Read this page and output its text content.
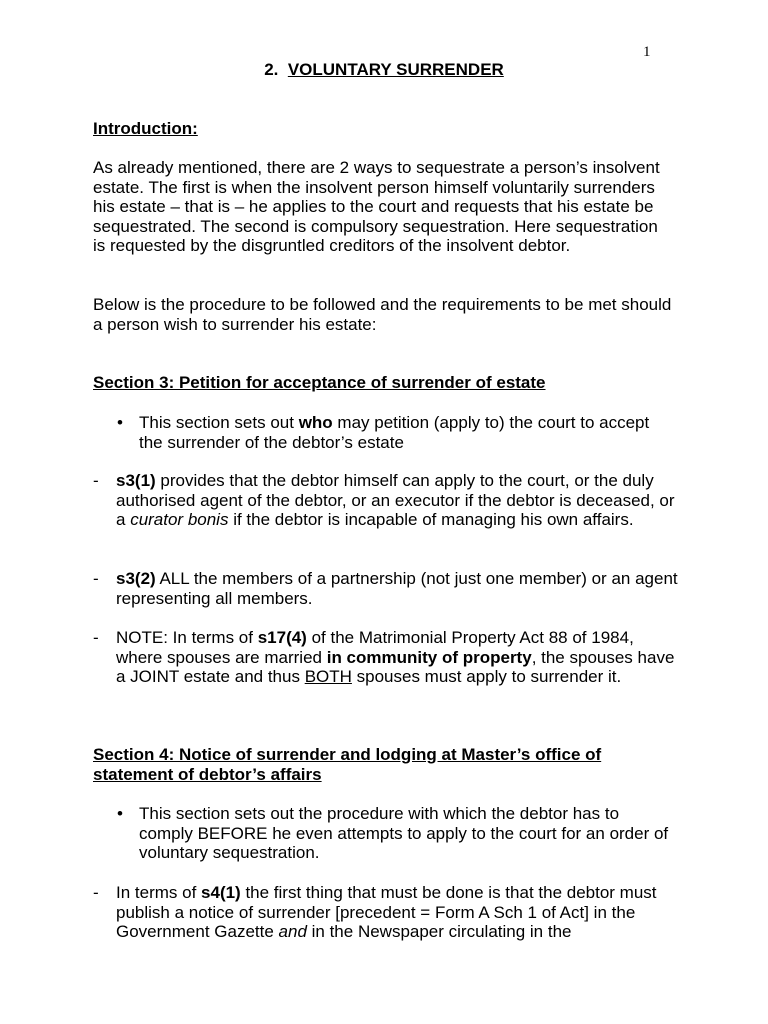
1
2. VOLUNTARY SURRENDER
Introduction:

As already mentioned, there are 2 ways to sequestrate a person’s insolvent estate. The first is when the insolvent person himself voluntarily surrenders his estate – that is – he applies to the court and requests that his estate be sequestrated. The second is compulsory sequestration. Here sequestration is requested by the disgruntled creditors of the insolvent debtor.

Below is the procedure to be followed and the requirements to be met should a person wish to surrender his estate:

Section 3: Petition for acceptance of surrender of estate
• This section sets out who may petition (apply to) the court to accept the surrender of the debtor’s estate
- s3(1) provides that the debtor himself can apply to the court, or the duly authorised agent of the debtor, or an executor if the debtor is deceased, or a curator bonis if the debtor is incapable of managing his own affairs.
- s3(2) ALL the members of a partnership (not just one member) or an agent representing all members.
- NOTE: In terms of s17(4) of the Matrimonial Property Act 88 of 1984, where spouses are married in community of property, the spouses have a JOINT estate and thus BOTH spouses must apply to surrender it.
Section 4: Notice of surrender and lodging at Master’s office of
statement of debtor’s affairs
• This section sets out the procedure with which the debtor has to comply BEFORE he even attempts to apply to the court for an order of voluntary sequestration.
- In terms of s4(1) the first thing that must be done is that the debtor must publish a notice of surrender [precedent = Form A Sch 1 of Act] in the Government Gazette and in the Newspaper circulating in the
